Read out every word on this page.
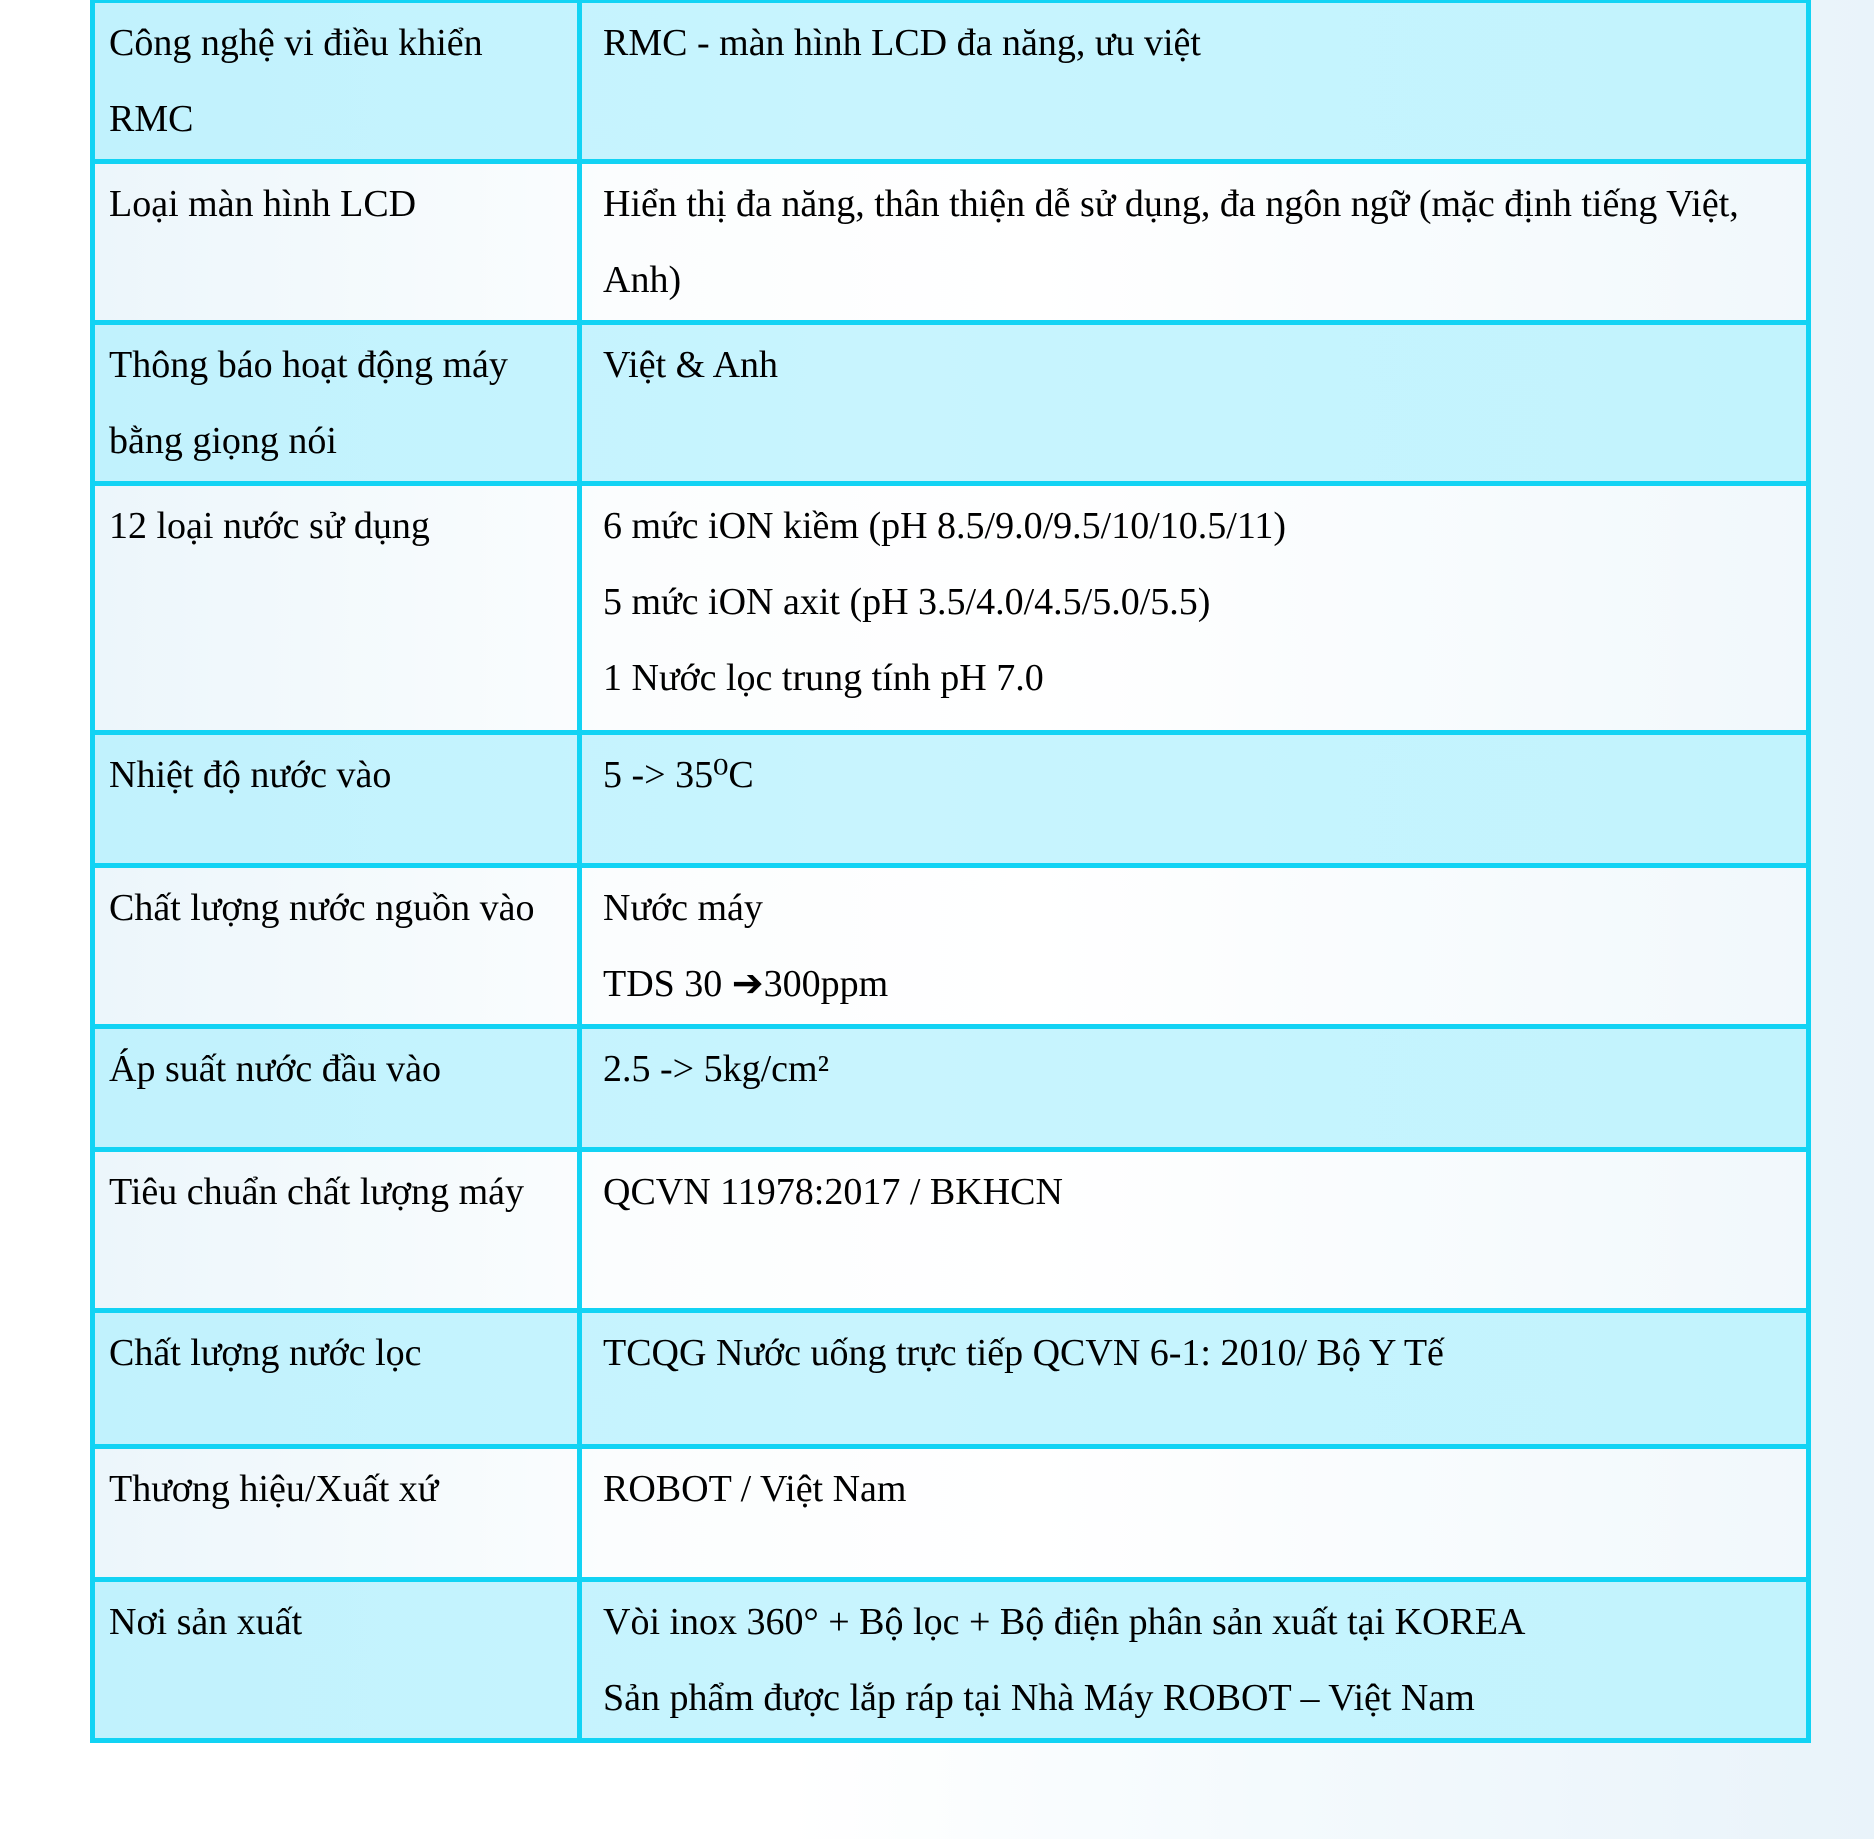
Công nghệ vi điều khiển RMC	RMC - màn hình LCD đa năng, ưu việt

Loại màn hình LCD	Hiển thị đa năng, thân thiện dễ sử dụng, đa ngôn ngữ (mặc định tiếng Việt, Anh)

Thông báo hoạt động máy bằng giọng nói	Việt & Anh

12 loại nước sử dụng	6 mức iON kiềm (pH 8.5/9.0/9.5/10/10.5/11)
5 mức iON axit (pH 3.5/4.0/4.5/5.0/5.5)
1 Nước lọc trung tính pH 7.0

Nhiệt độ nước vào	5 -> 35⁰C

Chất lượng nước nguồn vào	Nước máy
TDS 30 ➔300ppm

Áp suất nước đầu vào	2.5 -> 5kg/cm²

Tiêu chuẩn chất lượng máy	QCVN 11978:2017 / BKHCN

Chất lượng nước lọc	TCQG Nước uống trực tiếp QCVN 6-1: 2010/ Bộ Y Tế

Thương hiệu/Xuất xứ	ROBOT / Việt Nam

Nơi sản xuất	Vòi inox 360° + Bộ lọc + Bộ điện phân sản xuất tại KOREA
Sản phẩm được lắp ráp tại Nhà Máy ROBOT – Việt Nam
